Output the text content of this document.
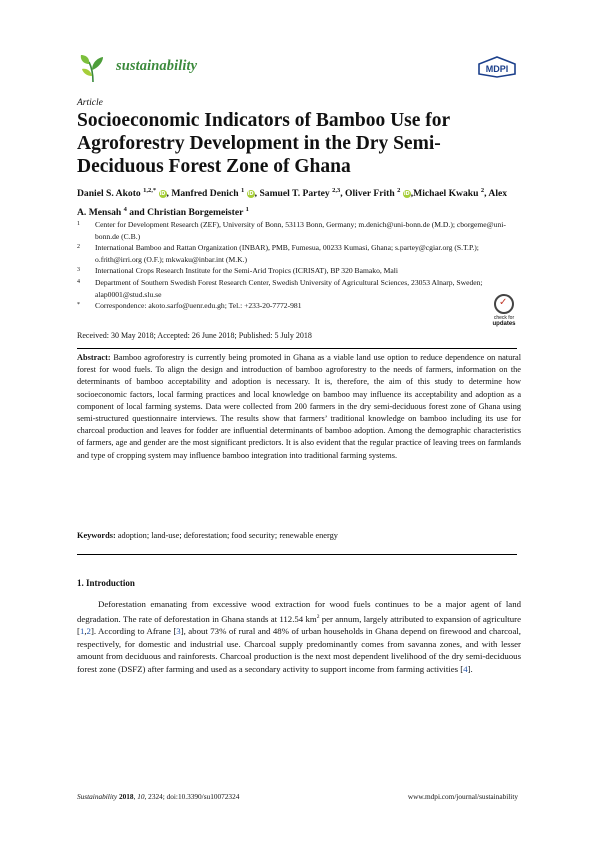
sustainability	MDPI
Article
Socioeconomic Indicators of Bamboo Use for Agroforestry Development in the Dry Semi-Deciduous Forest Zone of Ghana
Daniel S. Akoto $^{1,2,*}$ iD, Manfred Denich $^1$ iD, Samuel T. Partey $^{2,3}$, Oliver Frith $^2$ iD,Michael Kwaku $^2$, Alex A. Mensah $^4$ and Christian Borgemeister $^1$
1	Center for Development Research (ZEF), University of Bonn, 53113 Bonn, Germany; m.denich@uni-bonn.de (M.D.); cborgeme@uni-bonn.de (C.B.)
2	International Bamboo and Rattan Organization (INBAR), PMB, Fumesua, 00233 Kumasi, Ghana; s.partey@cgiar.org (S.T.P.); o.frith@irri.org (O.F.); mkwaku@inbar.int (M.K.)
3	International Crops Research Institute for the Semi-Arid Tropics (ICRISAT), BP 320 Bamako, Mali
4	Department of Southern Swedish Forest Research Center, Swedish University of Agricultural Sciences, 23053 Alnarp, Sweden; alap0001@stud.slu.se
*	Correspondence: akoto.sarfo@uenr.edu.gh; Tel.: +233-20-7772-981	✓
check for
updates
Received: 30 May 2018; Accepted: 26 June 2018; Published: 5 July 2018
Abstract: Bamboo agroforestry is currently being promoted in Ghana as a viable land use option to reduce dependence on natural forest for wood fuels. To align the design and introduction of bamboo agroforestry to the needs of farmers, information on the determinants of bamboo acceptability and adoption is necessary. It is, therefore, the aim of this study to determine how socioeconomic factors, local farming practices and local knowledge on bamboo may influence its acceptability and adoption as a component of local farming systems. Data were collected from 200 farmers in the dry semi-deciduous forest zone of Ghana using semi-structured questionnaire interviews. The results show that farmers’ traditional knowledge on bamboo including its use for charcoal production and leaves for fodder are influential determinants of bamboo adoption. Among the demographic characteristics of farmers, age and gender are the most significant predictors. It is also evident that the regular practice of leaving trees on farmlands and type of cropping system may influence bamboo integration into traditional farming systems.
Keywords: adoption; land-use; deforestation; food security; renewable energy
1. Introduction

Deforestation emanating from excessive wood extraction for wood fuels continues to be a major agent of land degradation. The rate of deforestation in Ghana stands at 112.54 $km^2$ per annum, largely attributed to expansion of agriculture [1,2]. According to Afrane [3], about 73% of rural and 48% of urban households in Ghana depend on firewood and charcoal, respectively, for domestic and industrial use. Charcoal supply predominantly comes from savanna zones, and with lesser amount from deciduous and rainforests. Charcoal production is the next most dependent livelihood of the dry semi-deciduous forest zone (DSFZ) after farming and used as a secondary activity to support income from farming activities [4].

Sustainability 2018, 10, 2324; doi:10.3390/su10072324	www.mdpi.com/journal/sustainability
